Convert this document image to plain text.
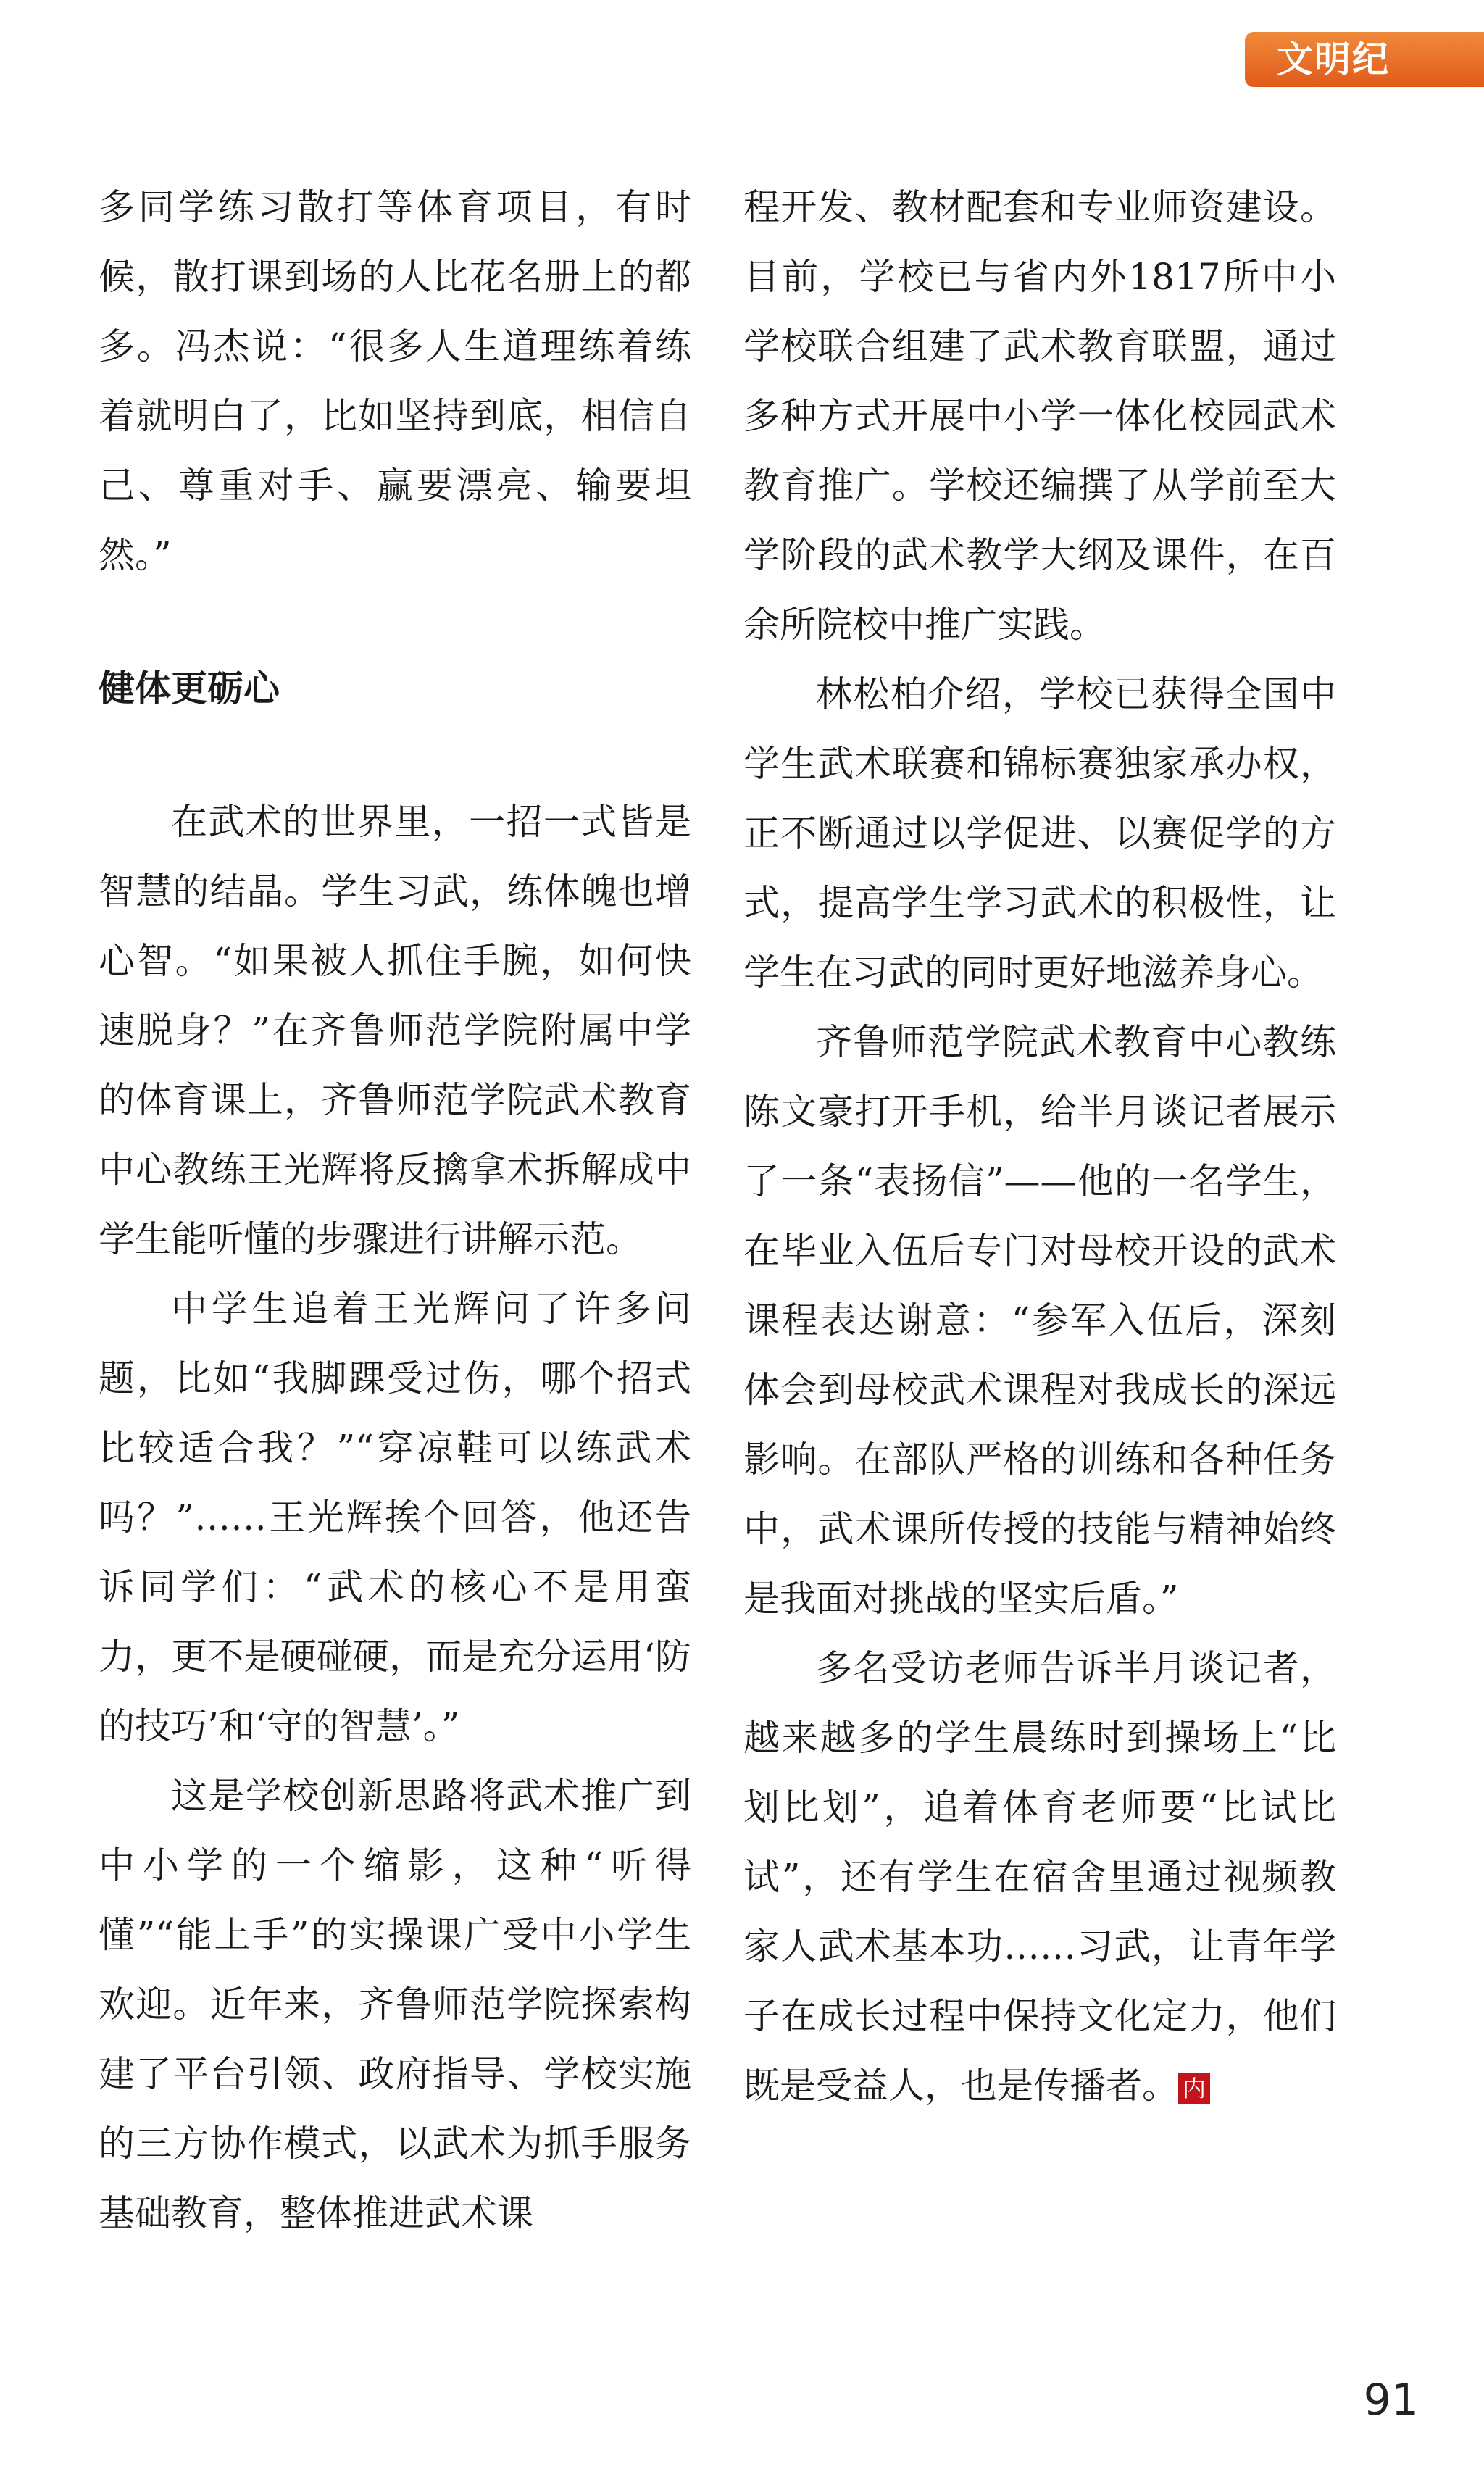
文明纪

多同学练习散打等体育项目，有时候，散打课到场的人比花名册上的都多。冯杰说：“很多人生道理练着练着就明白了，比如坚持到底，相信自己、尊重对手、赢要漂亮、输要坦然。”

健体更砺心

在武术的世界里，一招一式皆是智慧的结晶。学生习武，练体魄也增心智。“如果被人抓住手腕，如何快速脱身？”在齐鲁师范学院附属中学的体育课上，齐鲁师范学院武术教育中心教练王光辉将反擒拿术拆解成中学生能听懂的步骤进行讲解示范。

中学生追着王光辉问了许多问题，比如“我脚踝受过伤，哪个招式比较适合我？”“穿凉鞋可以练武术吗？”……王光辉挨个回答，他还告诉同学们：“武术的核心不是用蛮力，更不是硬碰硬，而是充分运用‘防的技巧’和‘守的智慧’。”

这是学校创新思路将武术推广到中小学的一个缩影，这种“听得懂”“能上手”的实操课广受中小学生欢迎。近年来，齐鲁师范学院探索构建了平台引领、政府指导、学校实施的三方协作模式，以武术为抓手服务基础教育，整体推进武术课

程开发、教材配套和专业师资建设。目前，学校已与省内外1817所中小学校联合组建了武术教育联盟，通过多种方式开展中小学一体化校园武术教育推广。学校还编撰了从学前至大学阶段的武术教学大纲及课件，在百余所院校中推广实践。

林松柏介绍，学校已获得全国中学生武术联赛和锦标赛独家承办权，正不断通过以学促进、以赛促学的方式，提高学生学习武术的积极性，让学生在习武的同时更好地滋养身心。

齐鲁师范学院武术教育中心教练陈文豪打开手机，给半月谈记者展示了一条“表扬信”——他的一名学生，在毕业入伍后专门对母校开设的武术课程表达谢意：“参军入伍后，深刻体会到母校武术课程对我成长的深远影响。在部队严格的训练和各种任务中，武术课所传授的技能与精神始终是我面对挑战的坚实后盾。”

多名受访老师告诉半月谈记者，越来越多的学生晨练时到操场上“比划比划”，追着体育老师要“比试比试”，还有学生在宿舍里通过视频教家人武术基本功……习武，让青年学子在成长过程中保持文化定力，他们既是受益人，也是传播者。 内

91
